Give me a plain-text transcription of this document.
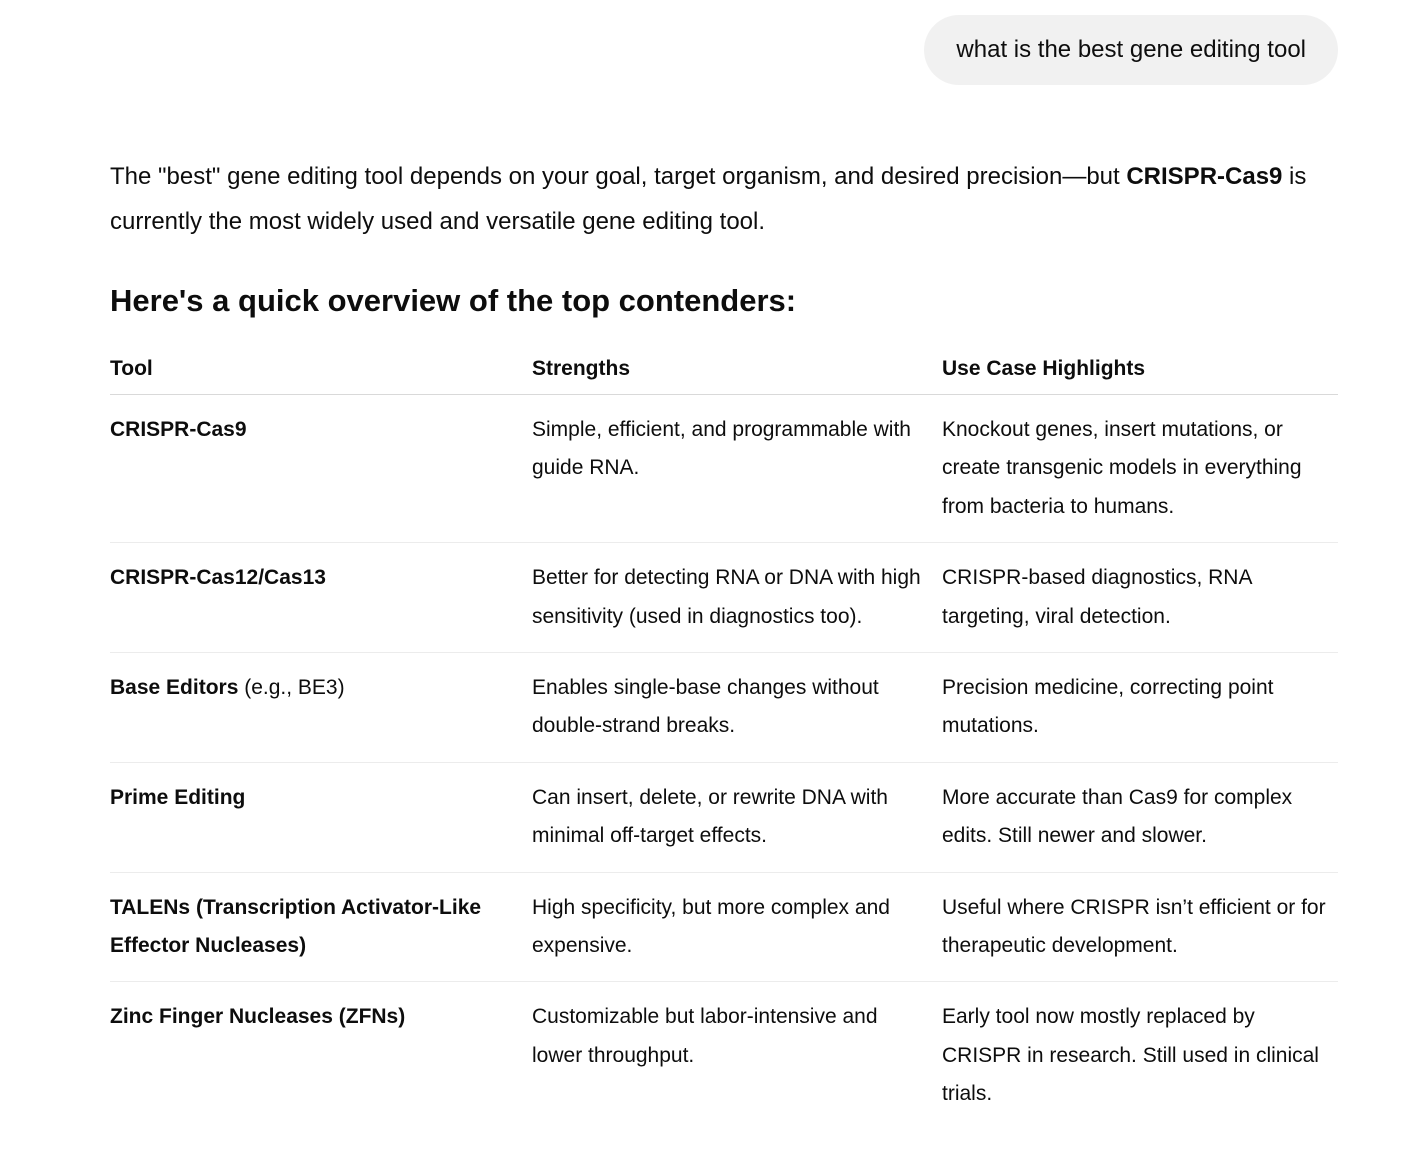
what is the best gene editing tool

The "best" gene editing tool depends on your goal, target organism, and desired precision—but CRISPR-Cas9 is currently the most widely used and versatile gene editing tool.

Here's a quick overview of the top contenders:
Tool	Strengths	Use Case Highlights
CRISPR-Cas9	Simple, efficient, and programmable with guide RNA.	Knockout genes, insert mutations, or create transgenic models in everything from bacteria to humans.
CRISPR-Cas12/Cas13	Better for detecting RNA or DNA with high sensitivity (used in diagnostics too).	CRISPR-based diagnostics, RNA targeting, viral detection.
Base Editors (e.g., BE3)	Enables single-base changes without double-strand breaks.	Precision medicine, correcting point mutations.
Prime Editing	Can insert, delete, or rewrite DNA with minimal off-target effects.	More accurate than Cas9 for complex edits. Still newer and slower.
TALENs (Transcription Activator-Like Effector Nucleases)	High specificity, but more complex and expensive.	Useful where CRISPR isn’t efficient or for therapeutic development.
Zinc Finger Nucleases (ZFNs)	Customizable but labor-intensive and lower throughput.	Early tool now mostly replaced by CRISPR in research. Still used in clinical trials.
